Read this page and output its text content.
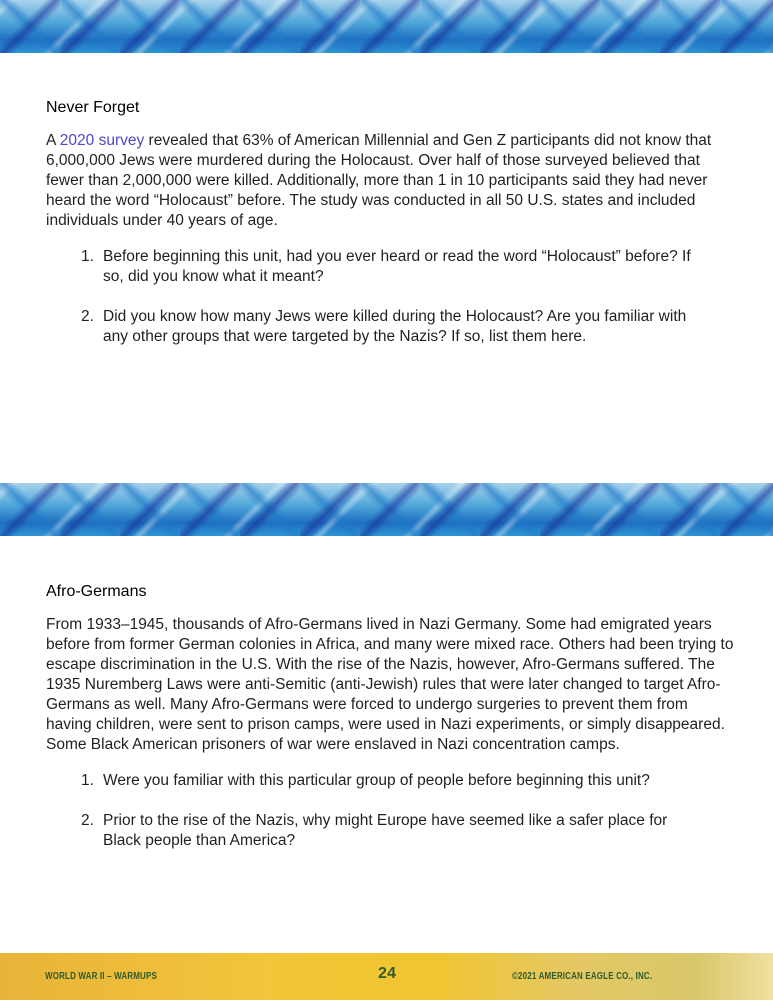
Never Forget

A 2020 survey revealed that 63% of American Millennial and Gen Z participants did not know that 6,000,000 Jews were murdered during the Holocaust. Over half of those surveyed believed that fewer than 2,000,000 were killed. Additionally, more than 1 in 10 participants said they had never heard the word “Holocaust” before. The study was conducted in all 50 U.S. states and included individuals under 40 years of age.

1. Before beginning this unit, had you ever heard or read the word “Holocaust” before? If so, did you know what it meant?
2. Did you know how many Jews were killed during the Holocaust? Are you familiar with any other groups that were targeted by the Nazis? If so, list them here.
Afro-Germans

From 1933–1945, thousands of Afro-Germans lived in Nazi Germany. Some had emigrated years before from former German colonies in Africa, and many were mixed race. Others had been trying to escape discrimination in the U.S. With the rise of the Nazis, however, Afro-Germans suffered. The 1935 Nuremberg Laws were anti-Semitic (anti-Jewish) rules that were later changed to target Afro-Germans as well. Many Afro-Germans were forced to undergo surgeries to prevent them from having children, were sent to prison camps, were used in Nazi experiments, or simply disappeared. Some Black American prisoners of war were enslaved in Nazi concentration camps.

1. Were you familiar with this particular group of people before beginning this unit?
2. Prior to the rise of the Nazis, why might Europe have seemed like a safer place for Black people than America?
WORLD WAR II – WARMUPS	24	©2021 AMERICAN EAGLE CO., INC.
